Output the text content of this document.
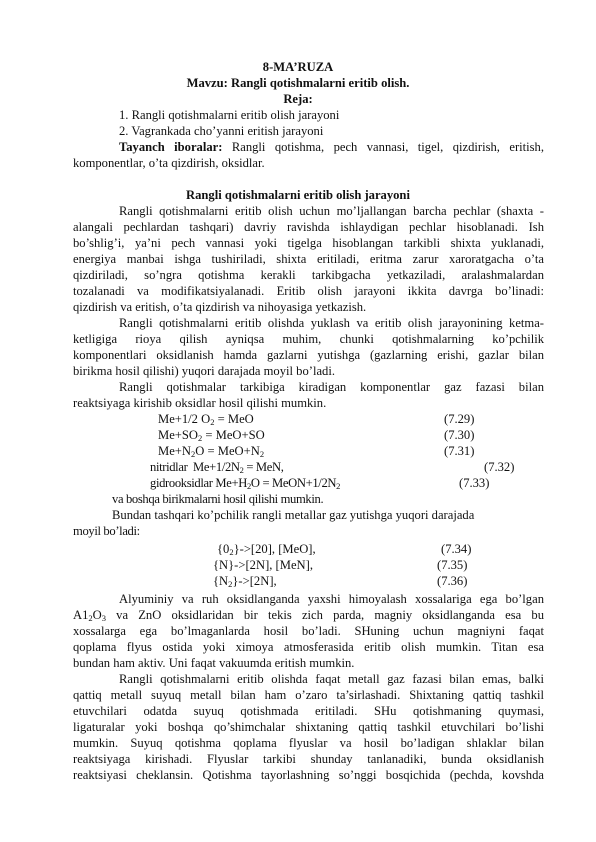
8-MA’RUZA
Mavzu: Rangli qotishmalarni eritib olish.
Reja:
1. Rangli qotishmalarni eritib olish jarayoni
2. Vagrankada cho’yanni eritish jarayoni
Tayanch iboralar: Rangli qotishma, pech vannasi, tigel, qizdirish, eritish,
komponentlar, o’ta qizdirish, oksidlar.
Rangli qotishmalarni eritib olish jarayoni
Rangli qotishmalarni eritib olish uchun mo’ljallangan barcha pechlar (shaxta -
alangali pechlardan tashqari) davriy ravishda ishlaydigan pechlar hisoblanadi. Ish
bo’shlig’i, ya’ni pech vannasi yoki tigelga hisoblangan tarkibli shixta yuklanadi,
energiya manbai ishga tushiriladi, shixta eritiladi, eritma zarur xaroratgacha o’ta
qizdiriladi, so’ngra qotishma kerakli tarkibgacha yetkaziladi, aralashmalardan
tozalanadi va modifikatsiyalanadi. Eritib olish jarayoni ikkita davrga bo’linadi:
qizdirish va eritish, o’ta qizdirish va nihoyasiga yetkazish.
Rangli qotishmalarni eritib olishda yuklash va eritib olish jarayonining ketma-
ketligiga rioya qilish ayniqsa muhim, chunki qotishmalarning ko’pchilik
komponentlari oksidlanish hamda gazlarni yutishga (gazlarning erishi, gazlar bilan
birikma hosil qilishi) yuqori darajada moyil bo’ladi.
Rangli qotishmalar tarkibiga kiradigan komponentlar gaz fazasi bilan
reaktsiyaga kirishib oksidlar hosil qilishi mumkin.
Me+1/2 $O_2$ = MeO	(7.29)
$Me+SO_2 = MeO+SO$	(7.30)
$Me+N_2O = MeO+N_2$	(7.31)
nitridlar $Me+1/2N_2$ = MeN,	(7.32)
gidrooksidlar $Me+H_2O$ = $MeON+1/2N_2$	(7.33)
va boshqa birikmalarni hosil qilishi mumkin.
Bundan tashqari ko’pchilik rangli metallar gaz yutishga yuqori darajada
moyil bo’ladi:
$\{0_2\}->[20]$, [MeO],	(7.34)
{N}->[2N], [MeN],	(7.35)
$\{N_2\}->[2N]$,	(7.36)
Alyuminiy va ruh oksidlanganda yaxshi himoyalash xossalariga ega bo’lgan
$A1_2O_3$ va ZnO oksidlaridan bir tekis zich parda, magniy oksidlanganda esa bu
xossalarga ega bo’lmaganlarda hosil bo’ladi. SHuning uchun magniyni faqat
qoplama flyus ostida yoki ximoya atmosferasida eritib olish mumkin. Titan esa
bundan ham aktiv. Uni faqat vakuumda eritish mumkin.
Rangli qotishmalarni eritib olishda faqat metall gaz fazasi bilan emas, balki
qattiq metall suyuq metall bilan ham o’zaro ta’sirlashadi. Shixtaning qattiq tashkil
etuvchilari odatda suyuq qotishmada eritiladi. SHu qotishmaning quymasi,
ligaturalar yoki boshqa qo’shimchalar shixtaning qattiq tashkil etuvchilari bo’lishi
mumkin. Suyuq qotishma qoplama flyuslar va hosil bo’ladigan shlaklar bilan
reaktsiyaga kirishadi. Flyuslar tarkibi shunday tanlanadiki, bunda oksidlanish
reaktsiyasi cheklansin. Qotishma tayorlashning so’nggi bosqichida (pechda, kovshda
